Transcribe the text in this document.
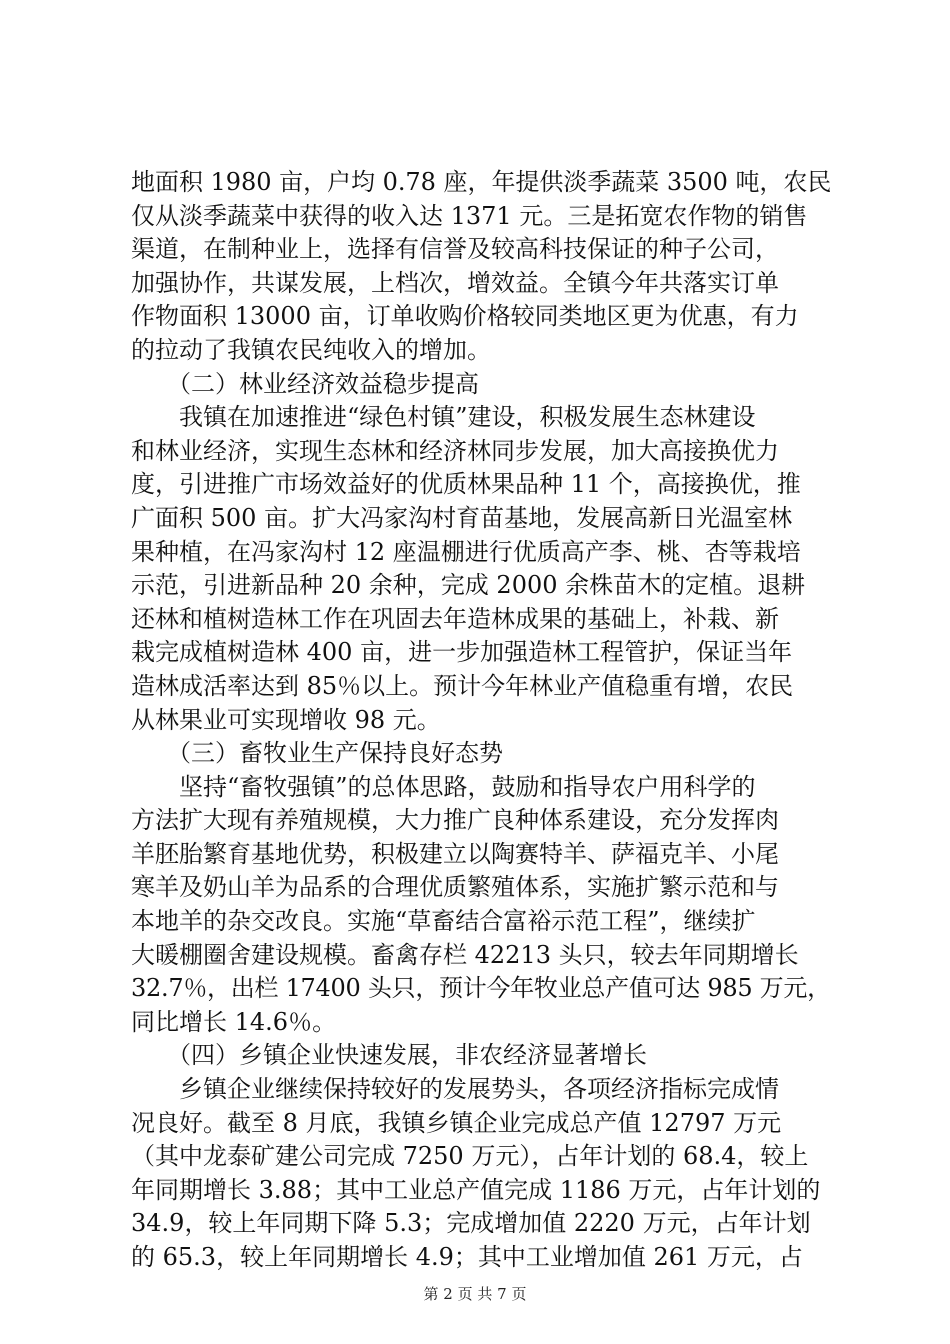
地面积 1980 亩，户均 0.78 座，年提供淡季蔬菜 3500 吨，农民
仅从淡季蔬菜中获得的收入达 1371 元。三是拓宽农作物的销售
渠道，在制种业上，选择有信誉及较高科技保证的种子公司，
加强协作，共谋发展，上档次，增效益。全镇今年共落实订单
作物面积 13000 亩，订单收购价格较同类地区更为优惠，有力
的拉动了我镇农民纯收入的增加。
　　（二）林业经济效益稳步提高
　　我镇在加速推进“绿色村镇”建设，积极发展生态林建设
和林业经济，实现生态林和经济林同步发展，加大高接换优力
度，引进推广市场效益好的优质林果品种 11 个，高接换优，推
广面积 500 亩。扩大冯家沟村育苗基地，发展高新日光温室林
果种植，在冯家沟村 12 座温棚进行优质高产李、桃、杏等栽培
示范，引进新品种 20 余种，完成 2000 余株苗木的定植。退耕
还林和植树造林工作在巩固去年造林成果的基础上，补栽、新
栽完成植树造林 400 亩，进一步加强造林工程管护，保证当年
造林成活率达到 85％以上。预计今年林业产值稳重有增，农民
从林果业可实现增收 98 元。
　　（三）畜牧业生产保持良好态势
　　坚持“畜牧强镇”的总体思路，鼓励和指导农户用科学的
方法扩大现有养殖规模，大力推广良种体系建设，充分发挥肉
羊胚胎繁育基地优势，积极建立以陶赛特羊、萨福克羊、小尾
寒羊及奶山羊为品系的合理优质繁殖体系，实施扩繁示范和与
本地羊的杂交改良。实施“草畜结合富裕示范工程”，继续扩
大暖棚圈舍建设规模。畜禽存栏 42213 头只，较去年同期增长
32.7％，出栏 17400 头只，预计今年牧业总产值可达 985 万元，
同比增长 14.6％。
　　（四）乡镇企业快速发展，非农经济显著增长
　　乡镇企业继续保持较好的发展势头，各项经济指标完成情
况良好。截至 8 月底，我镇乡镇企业完成总产值 12797 万元
（其中龙泰矿建公司完成 7250 万元），占年计划的 68.4，较上
年同期增长 3.88；其中工业总产值完成 1186 万元，占年计划的
34.9，较上年同期下降 5.3；完成增加值 2220 万元，占年计划
的 65.3，较上年同期增长 4.9；其中工业增加值 261 万元，占
第 2 页 共 7 页
